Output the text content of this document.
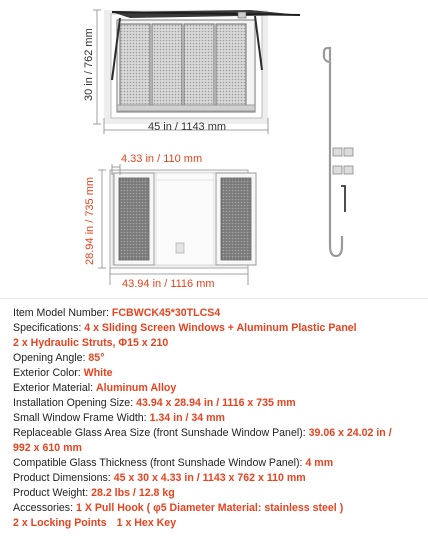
30 in / 762 mm
45 in / 1143 mm
4.33 in / 110 mm
28.94 in / 735 mm
43.94 in / 1116 mm
Item Model Number: FCBWCK45*30TLCS4
Specifications: 4 x Sliding Screen Windows + Aluminum Plastic Panel
2 x Hydraulic Struts, Φ15 x 210
Opening Angle: 85°
Exterior Color: White
Exterior Material: Aluminum Alloy
Installation Opening Size: 43.94 x 28.94 in / 1116 x 735 mm
Small Window Frame Width: 1.34 in / 34 mm
Replaceable Glass Area Size (front Sunshade Window Panel): 39.06 x 24.02 in /
992 x 610 mm
Compatible Glass Thickness (front Sunshade Window Panel): 4 mm
Product Dimensions: 45 x 30 x 4.33 in / 1143 x 762 x 110 mm
Product Weight: 28.2 lbs / 12.8 kg
Accessories: 1 X Pull Hook ( φ5 Diameter Material: stainless steel )
2 x Locking Points 1 x Hex Key
